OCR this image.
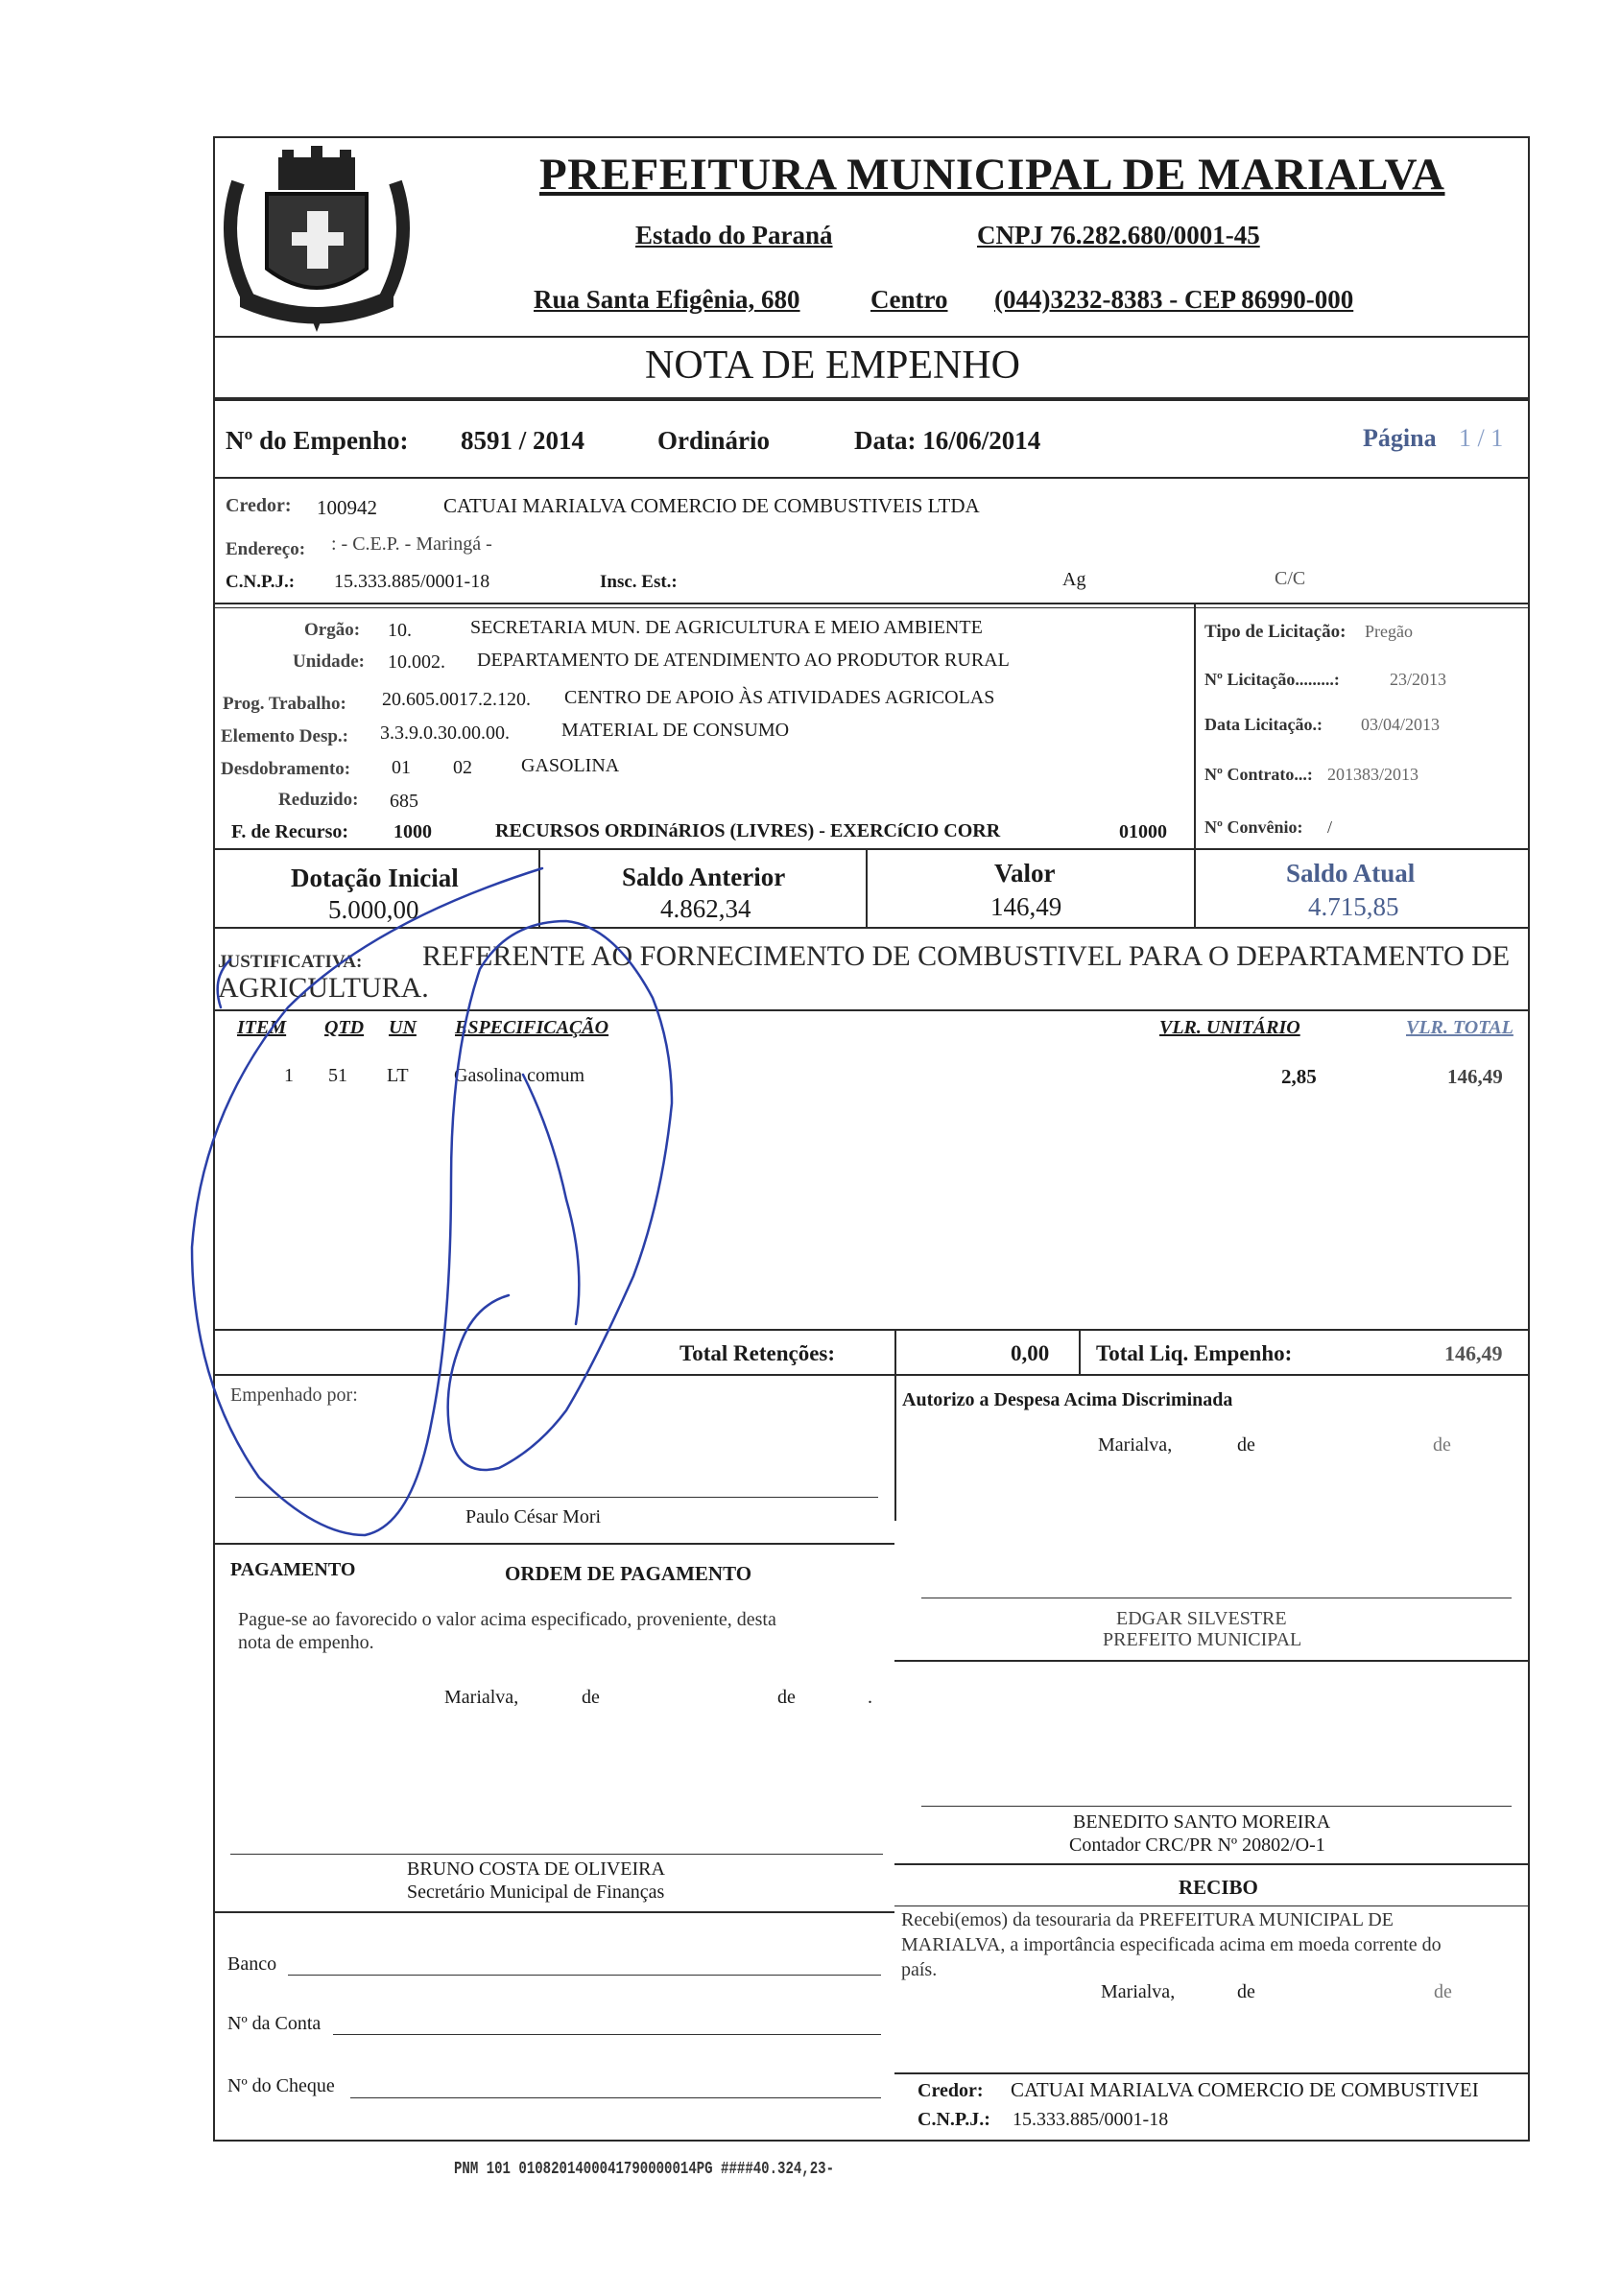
PREFEITURA MUNICIPAL DE MARIALVA
Estado do Paraná	CNPJ 76.282.680/0001-45
Rua Santa Efigênia, 680	Centro (044)3232-8383 - CEP 86990-000
NOTA DE EMPENHO
Nº do Empenho: 8591 / 2014	Ordinário	Data: 16/06/2014	Página 1 / 1
Credor: 100942	CATUAI MARIALVA COMERCIO DE COMBUSTIVEIS LTDA
Endereço: : - C.E.P. - Maringá -
C.N.P.J.: 15.333.885/0001-18	Insc. Est.:	Ag	C/C
Orgão: 10.	SECRETARIA MUN. DE AGRICULTURA E MEIO AMBIENTE
Unidade: 10.002. DEPARTAMENTO DE ATENDIMENTO AO PRODUTOR RURAL
Prog. Trabalho: 20.605.0017.2.120. CENTRO DE APOIO ÀS ATIVIDADES AGRICOLAS
Elemento Desp.: 3.3.9.0.30.00.00.	MATERIAL DE CONSUMO
Desdobramento: 01 02	GASOLINA
Reduzido: 685
F. de Recurso: 1000	RECURSOS ORDINáRIOS (LIVRES) - EXERCíCIO CORR	01000
Tipo de Licitação: Pregão
Nº Licitação.........:	23/2013
Data Licitação.: 03/04/2013
Nº Contrato...: 201383/2013
Nº Convênio: /
Dotação Inicial
5.000,00
Saldo Anterior
4.862,34
Valor
146,49
Saldo Atual
4.715,85
JUSTIFICATIVA: REFERENTE AO FORNECIMENTO DE COMBUSTIVEL PARA O DEPARTAMENTO DE
AGRICULTURA.
ITEM QTD UN ESPECIFICAÇÃO	VLR. UNITÁRIO	VLR. TOTAL
1 51 LT Gasolina comum	2,85	146,49
Total Retenções:	0,00 Total Liq. Empenho:	146,49
Empenhado por:
Paulo César Mori
Autorizo a Despesa Acima Discriminada
Marialva,	de	de
PAGAMENTO	ORDEM DE PAGAMENTO
Pague-se ao favorecido o valor acima especificado, proveniente, desta
nota de empenho.
Marialva,	de	de	.
EDGAR SILVESTRE
PREFEITO MUNICIPAL
BENEDITO SANTO MOREIRA
Contador CRC/PR Nº 20802/O-1
RECIBO
Recebi(emos) da tesouraria da PREFEITURA MUNICIPAL DE
MARIALVA, a importância especificada acima em moeda corrente do
país.
Marialva,	de	de
Credor: CATUAI MARIALVA COMERCIO DE COMBUSTIVEI
C.N.P.J.: 15.333.885/0001-18
BRUNO COSTA DE OLIVEIRA
Secretário Municipal de Finanças
Banco
Nº da Conta
Nº do Cheque
PNM 101 0108201400041790000014PG ####40.324,23-
